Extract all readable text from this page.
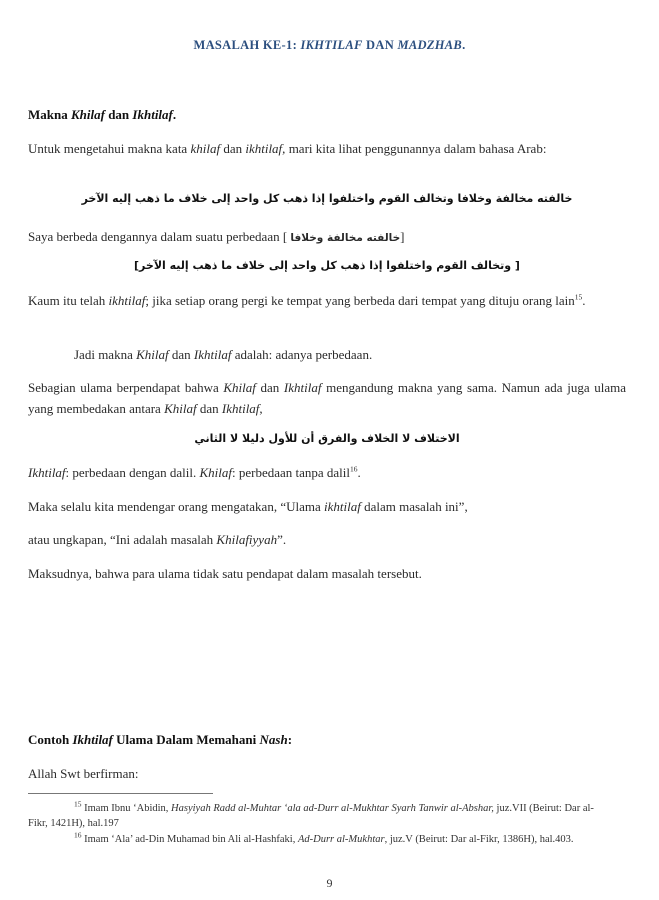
MASALAH KE-1: IKHTILAF DAN MADZHAB.
Makna Khilaf dan Ikhtilaf.
Untuk mengetahui makna kata khilaf dan ikhtilaf, mari kita lihat penggunannya dalam bahasa Arab:
خالفته مخالفة وخلافا وتخالف القوم واختلفوا إذا ذهب كل واحد إلى خلاف ما ذهب إليه الآخر
Saya berbeda dengannya dalam suatu perbedaan [ خالفته مخالفة وخلافا]
[ وتخالف القوم واختلفوا إذا ذهب كل واحد إلى خلاف ما ذهب إليه الآخر]
Kaum itu telah ikhtilaf; jika setiap orang pergi ke tempat yang berbeda dari tempat yang dituju orang lain$^{15}$.
Jadi makna Khilaf dan Ikhtilaf adalah: adanya perbedaan.
Sebagian ulama berpendapat bahwa Khilaf dan Ikhtilaf mengandung makna yang sama. Namun ada juga ulama yang membedakan antara Khilaf dan Ikhtilaf,
الاختلاف لا الخلاف والفرق أن للأول دليلا لا الثاني
Ikhtilaf: perbedaan dengan dalil. Khilaf: perbedaan tanpa dalil$^{16}$.
Maka selalu kita mendengar orang mengatakan, “Ulama ikhtilaf dalam masalah ini”,
atau ungkapan, “Ini adalah masalah Khilafiyyah”.
Maksudnya, bahwa para ulama tidak satu pendapat dalam masalah tersebut.
Contoh Ikhtilaf Ulama Dalam Memahani Nash:
Allah Swt berfirman:
$^{15}$ Imam Ibnu ‘Abidin, Hasyiyah Radd al-Muhtar ‘ala ad-Durr al-Mukhtar Syarh Tanwir al-Abshar, juz.VII (Beirut: Dar al-Fikr, 1421H), hal.197
$^{16}$ Imam ‘Ala’ ad-Din Muhamad bin Ali al-Hashfaki, Ad-Durr al-Mukhtar, juz.V (Beirut: Dar al-Fikr, 1386H), hal.403.
9
